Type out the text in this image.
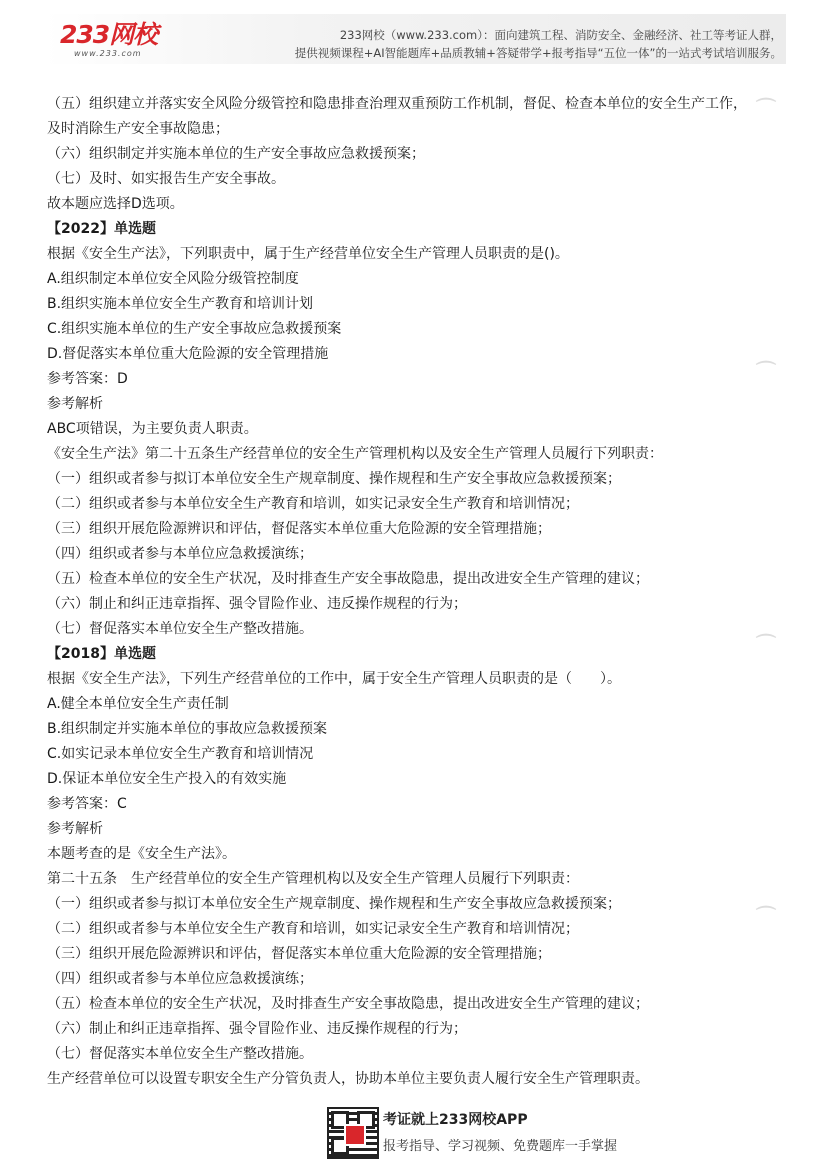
233网校
www.233.com
233网校（www.233.com）：面向建筑工程、消防安全、金融经济、社工等考证人群，
提供视频课程+AI智能题库+品质教辅+答疑带学+报考指导“五位一体”的一站式考试培训服务。
⌒
⌒
⌒
⌒
（五）组织建立并落实安全风险分级管控和隐患排查治理双重预防工作机制，督促、检查本单位的安全生产工作，及时消除生产安全事故隐患；
（六）组织制定并实施本单位的生产安全事故应急救援预案；
（七）及时、如实报告生产安全事故。
故本题应选择D选项。
【2022】单选题
根据《安全生产法》，下列职责中，属于生产经营单位安全生产管理人员职责的是()。
A.组织制定本单位安全风险分级管控制度
B.组织实施本单位安全生产教育和培训计划
C.组织实施本单位的生产安全事故应急救援预案
D.督促落实本单位重大危险源的安全管理措施
参考答案：D
参考解析
ABC项错误，为主要负责人职责。
《安全生产法》第二十五条生产经营单位的安全生产管理机构以及安全生产管理人员履行下列职责：
（一）组织或者参与拟订本单位安全生产规章制度、操作规程和生产安全事故应急救援预案；
（二）组织或者参与本单位安全生产教育和培训，如实记录安全生产教育和培训情况；
（三）组织开展危险源辨识和评估，督促落实本单位重大危险源的安全管理措施；
（四）组织或者参与本单位应急救援演练；
（五）检查本单位的安全生产状况，及时排查生产安全事故隐患，提出改进安全生产管理的建议；
（六）制止和纠正违章指挥、强令冒险作业、违反操作规程的行为；
（七）督促落实本单位安全生产整改措施。
【2018】单选题
根据《安全生产法》，下列生产经营单位的工作中，属于安全生产管理人员职责的是（　　）。
A.健全本单位安全生产责任制
B.组织制定并实施本单位的事故应急救援预案
C.如实记录本单位安全生产教育和培训情况
D.保证本单位安全生产投入的有效实施
参考答案：C
参考解析
本题考查的是《安全生产法》。
第二十五条　生产经营单位的安全生产管理机构以及安全生产管理人员履行下列职责：
（一）组织或者参与拟订本单位安全生产规章制度、操作规程和生产安全事故应急救援预案；
（二）组织或者参与本单位安全生产教育和培训，如实记录安全生产教育和培训情况；
（三）组织开展危险源辨识和评估，督促落实本单位重大危险源的安全管理措施；
（四）组织或者参与本单位应急救援演练；
（五）检查本单位的安全生产状况，及时排查生产安全事故隐患，提出改进安全生产管理的建议；
（六）制止和纠正违章指挥、强令冒险作业、违反操作规程的行为；
（七）督促落实本单位安全生产整改措施。
生产经营单位可以设置专职安全生产分管负责人，协助本单位主要负责人履行安全生产管理职责。
考证就上233网校APP
报考指导、学习视频、免费题库一手掌握
